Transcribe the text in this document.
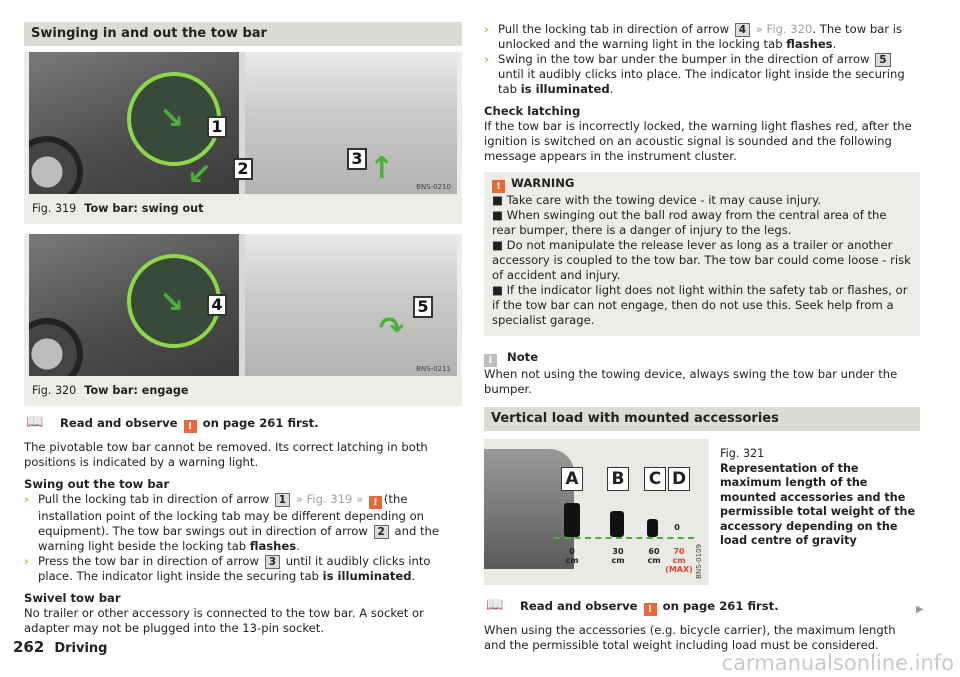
Swinging in and out the tow bar
↘ 1
↙ 2
3 ↑
BNS-0210
Fig. 319 Tow bar: swing out
↘ 4	5
↷
BNS-0211
Fig. 320 Tow bar: engage

📖 Read and observe ! on page 261 first.

The pivotable tow bar cannot be removed. Its correct latching in both positions is indicated by a warning light.

Swing out the tow bar

› Pull the locking tab in direction of arrow 1 » Fig. 319 » ! (the installation point of the locking tab may be different depending on equipment). The tow bar swings out in direction of arrow 2 and the warning light beside the locking tab flashes.
› Press the tow bar in direction of arrow 3 until it audibly clicks into place. The indicator light inside the securing tab is illuminated.

Swivel tow bar

No trailer or other accessory is connected to the tow bar. A socket or adapter may not be plugged into the 13-pin socket.

› Pull the locking tab in direction of arrow 4 » Fig. 320. The tow bar is unlocked and the warning light in the locking tab flashes.
› Swing in the tow bar under the bumper in the direction of arrow 5 until it audibly clicks into place. The indicator light inside the securing tab is illuminated.

Check latching

If the tow bar is incorrectly locked, the warning light flashes red, after the ignition is switched on an acoustic signal is sounded and the following message appears in the instrument cluster.

! WARNING

■ Take care with the towing device - it may cause injury.

■ When swinging out the ball rod away from the central area of the rear bumper, there is a danger of injury to the legs.

■ Do not manipulate the release lever as long as a trailer or another accessory is coupled to the tow bar. The tow bar could come loose - risk of accident and injury.

■ If the indicator light does not light within the safety tab or flashes, or if the tow bar can not engage, then do not use this. Seek help from a specialist garage.

i Note

When not using the towing device, always swing the tow bar under the bumper.

Vertical load with mounted accessories
A B C D
0
0
cm
30
cm
60
cm
70
cm
(MAX) BNS-0109

Fig. 321

Representation of the maximum length of the mounted accessories and the permissible total weight of the accessory depending on the load centre of gravity

📖 Read and observe ! on page 261 first.

When using the accessories (e.g. bicycle carrier), the maximum length and the permissible total weight including load must be considered.

▶
262 Driving
carmanualsonline.info
